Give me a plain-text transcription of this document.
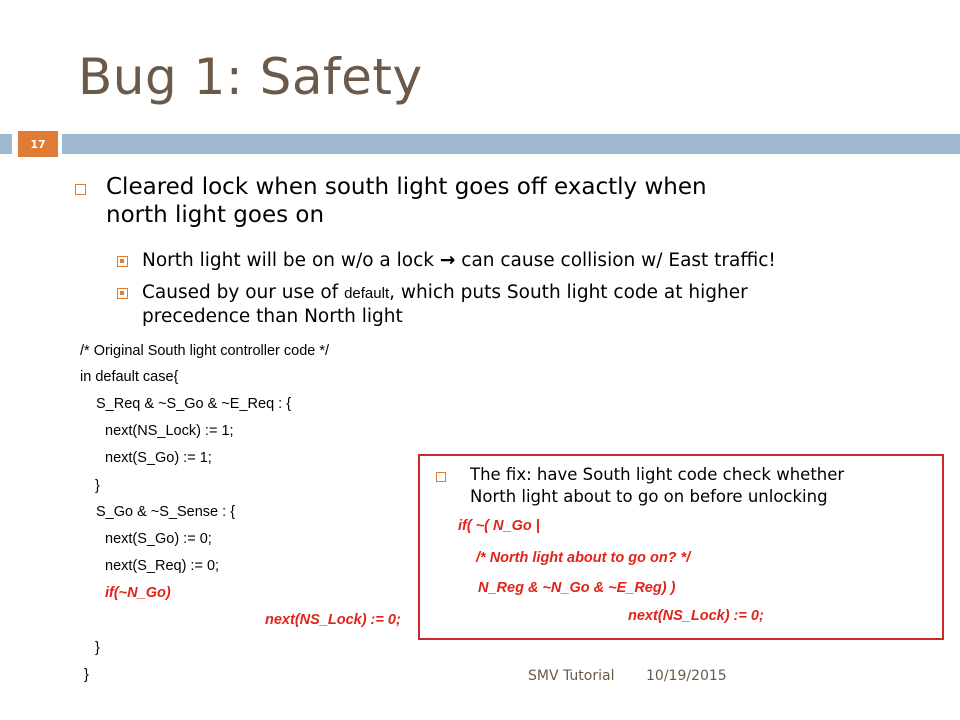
Bug 1: Safety
17
Cleared lock when south light goes off exactly when
north light goes on
North light will be on w/o a lock → can cause collision w/ East traffic!
Caused by our use of default, which puts South light code at higher
precedence than North light
/* Original South light controller code */
in default case{
S_Req & ~S_Go & ~E_Req : {
next(NS_Lock) := 1;
next(S_Go) := 1;
}
S_Go & ~S_Sense : {
next(S_Go) := 0;
next(S_Req) := 0;
if(~N_Go)
next(NS_Lock) := 0;
}
}
The fix: have South light code check whether
North light about to go on before unlocking
if( ~( N_Go |
/* North light about to go on? */
N_Reg & ~N_Go & ~E_Reg) )
next(NS_Lock) := 0;
SMV Tutorial 10/19/2015
